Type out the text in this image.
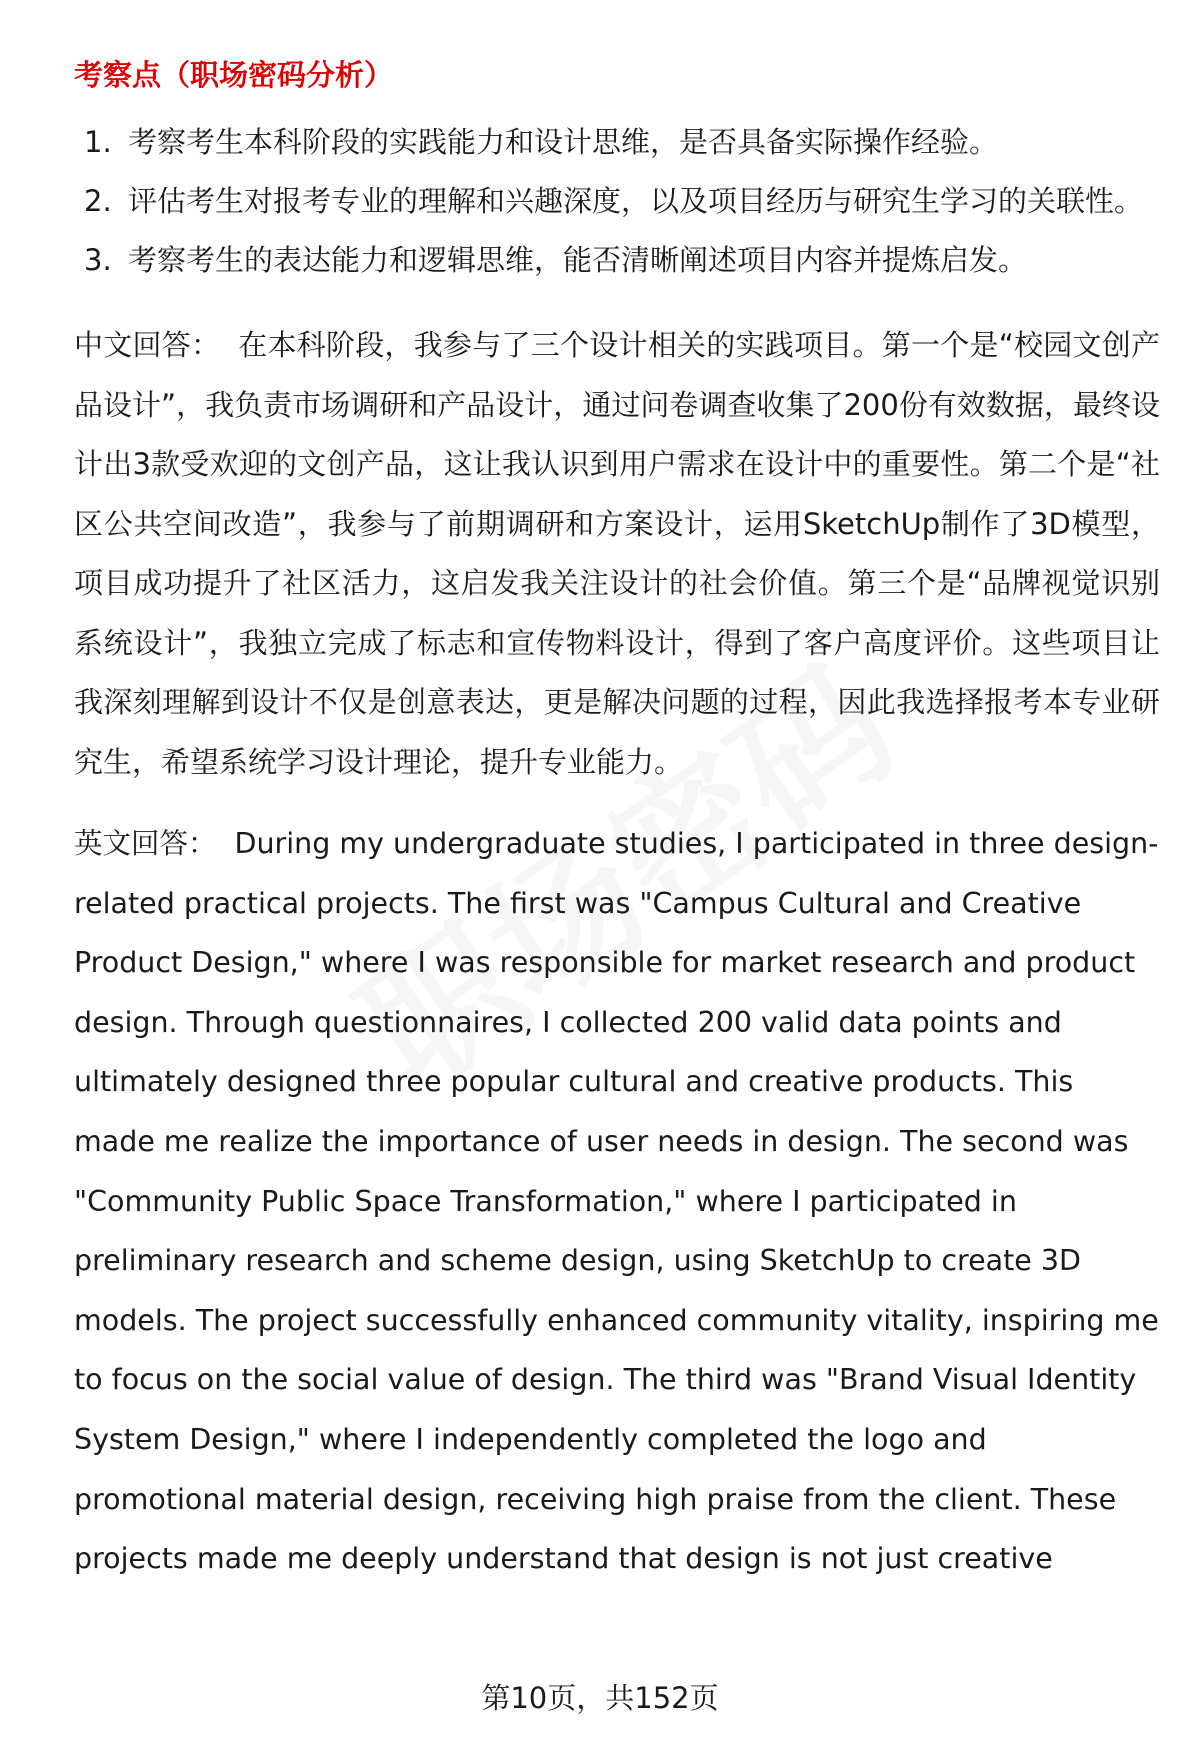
考察点（职场密码分析）
1. 考察考生本科阶段的实践能力和设计思维，是否具备实际操作经验。
2. 评估考生对报考专业的理解和兴趣深度，以及项目经历与研究生学习的关联性。
3. 考察考生的表达能力和逻辑思维，能否清晰阐述项目内容并提炼启发。

中文回答： 在本科阶段，我参与了三个设计相关的实践项目。第一个是“校园文创产品设计”，我负责市场调研和产品设计，通过问卷调查收集了200份有效数据，最终设计出3款受欢迎的文创产品，这让我认识到用户需求在设计中的重要性。第二个是“社区公共空间改造”，我参与了前期调研和方案设计，运用SketchUp制作了3D模型，项目成功提升了社区活力，这启发我关注设计的社会价值。第三个是“品牌视觉识别系统设计”，我独立完成了标志和宣传物料设计，得到了客户高度评价。这些项目让我深刻理解到设计不仅是创意表达，更是解决问题的过程，因此我选择报考本专业研究生，希望系统学习设计理论，提升专业能力。

英文回答： During my undergraduate studies, I participated in three design-related practical projects. The first was "Campus Cultural and Creative Product Design," where I was responsible for market research and product design. Through questionnaires, I collected 200 valid data points and ultimately designed three popular cultural and creative products. This made me realize the importance of user needs in design. The second was "Community Public Space Transformation," where I participated in preliminary research and scheme design, using SketchUp to create 3D models. The project successfully enhanced community vitality, inspiring me to focus on the social value of design. The third was "Brand Visual Identity System Design," where I independently completed the logo and promotional material design, receiving high praise from the client. These projects made me deeply understand that design is not just creative

第10页，共152页
